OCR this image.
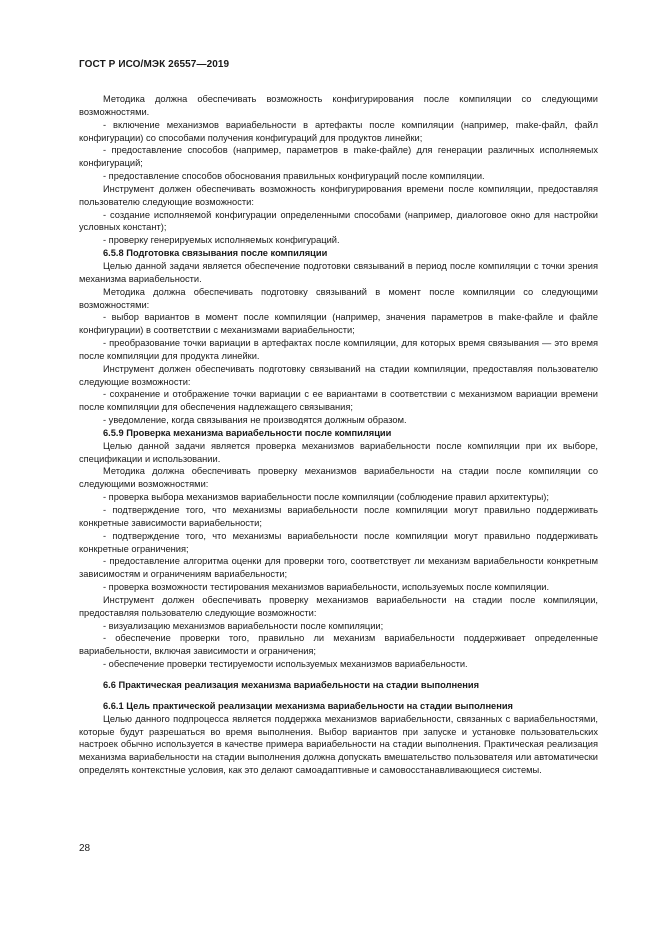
ГОСТ Р ИСО/МЭК 26557—2019

Методика должна обеспечивать возможность конфигурирования после компиляции со следующими возможностями.

- включение механизмов вариабельности в артефакты после компиляции (например, make-файл, файл конфигурации) со способами получения конфигураций для продуктов линейки;

- предоставление способов (например, параметров в make-файле) для генерации различных исполняемых конфигураций;

- предоставление способов обоснования правильных конфигураций после компиляции.

Инструмент должен обеспечивать возможность конфигурирования времени после компиляции, предоставляя пользователю следующие возможности:

- создание исполняемой конфигурации определенными способами (например, диалоговое окно для настройки условных констант);

- проверку генерируемых исполняемых конфигураций.

6.5.8 Подготовка связывания после компиляции

Целью данной задачи является обеспечение подготовки связываний в период после компиляции с точки зрения механизма вариабельности.

Методика должна обеспечивать подготовку связываний в момент после компиляции со следующими возможностями:

- выбор вариантов в момент после компиляции (например, значения параметров в make-файле и файле конфигурации) в соответствии с механизмами вариабельности;

- преобразование точки вариации в артефактах после компиляции, для которых время связывания — это время после компиляции для продукта линейки.

Инструмент должен обеспечивать подготовку связываний на стадии компиляции, предоставляя пользователю следующие возможности:

- сохранение и отображение точки вариации с ее вариантами в соответствии с механизмом вариации времени после компиляции для обеспечения надлежащего связывания;

- уведомление, когда связывания не производятся должным образом.

6.5.9 Проверка механизма вариабельности после компиляции

Целью данной задачи является проверка механизмов вариабельности после компиляции при их выборе, спецификации и использовании.

Методика должна обеспечивать проверку механизмов вариабельности на стадии после компиляции со следующими возможностями:

- проверка выбора механизмов вариабельности после компиляции (соблюдение правил архитектуры);

- подтверждение того, что механизмы вариабельности после компиляции могут правильно поддерживать конкретные зависимости вариабельности;

- подтверждение того, что механизмы вариабельности после компиляции могут правильно поддерживать конкретные ограничения;

- предоставление алгоритма оценки для проверки того, соответствует ли механизм вариабельности конкретным зависимостям и ограничениям вариабельности;

- проверка возможности тестирования механизмов вариабельности, используемых после компиляции.

Инструмент должен обеспечивать проверку механизмов вариабельности на стадии после компиляции, предоставляя пользователю следующие возможности:

- визуализацию механизмов вариабельности после компиляции;

- обеспечение проверки того, правильно ли механизм вариабельности поддерживает определенные вариабельности, включая зависимости и ограничения;

- обеспечение проверки тестируемости используемых механизмов вариабельности.

6.6 Практическая реализация механизма вариабельности на стадии выполнения

6.6.1 Цель практической реализации механизма вариабельности на стадии выполнения

Целью данного подпроцесса является поддержка механизмов вариабельности, связанных с вариабельностями, которые будут разрешаться во время выполнения. Выбор вариантов при запуске и установке пользовательских настроек обычно используется в качестве примера вариабельности на стадии выполнения. Практическая реализация механизма вариабельности на стадии выполнения должна допускать вмешательство пользователя или автоматически определять контекстные условия, как это делают самоадаптивные и самовосстанавливающиеся системы.

28
